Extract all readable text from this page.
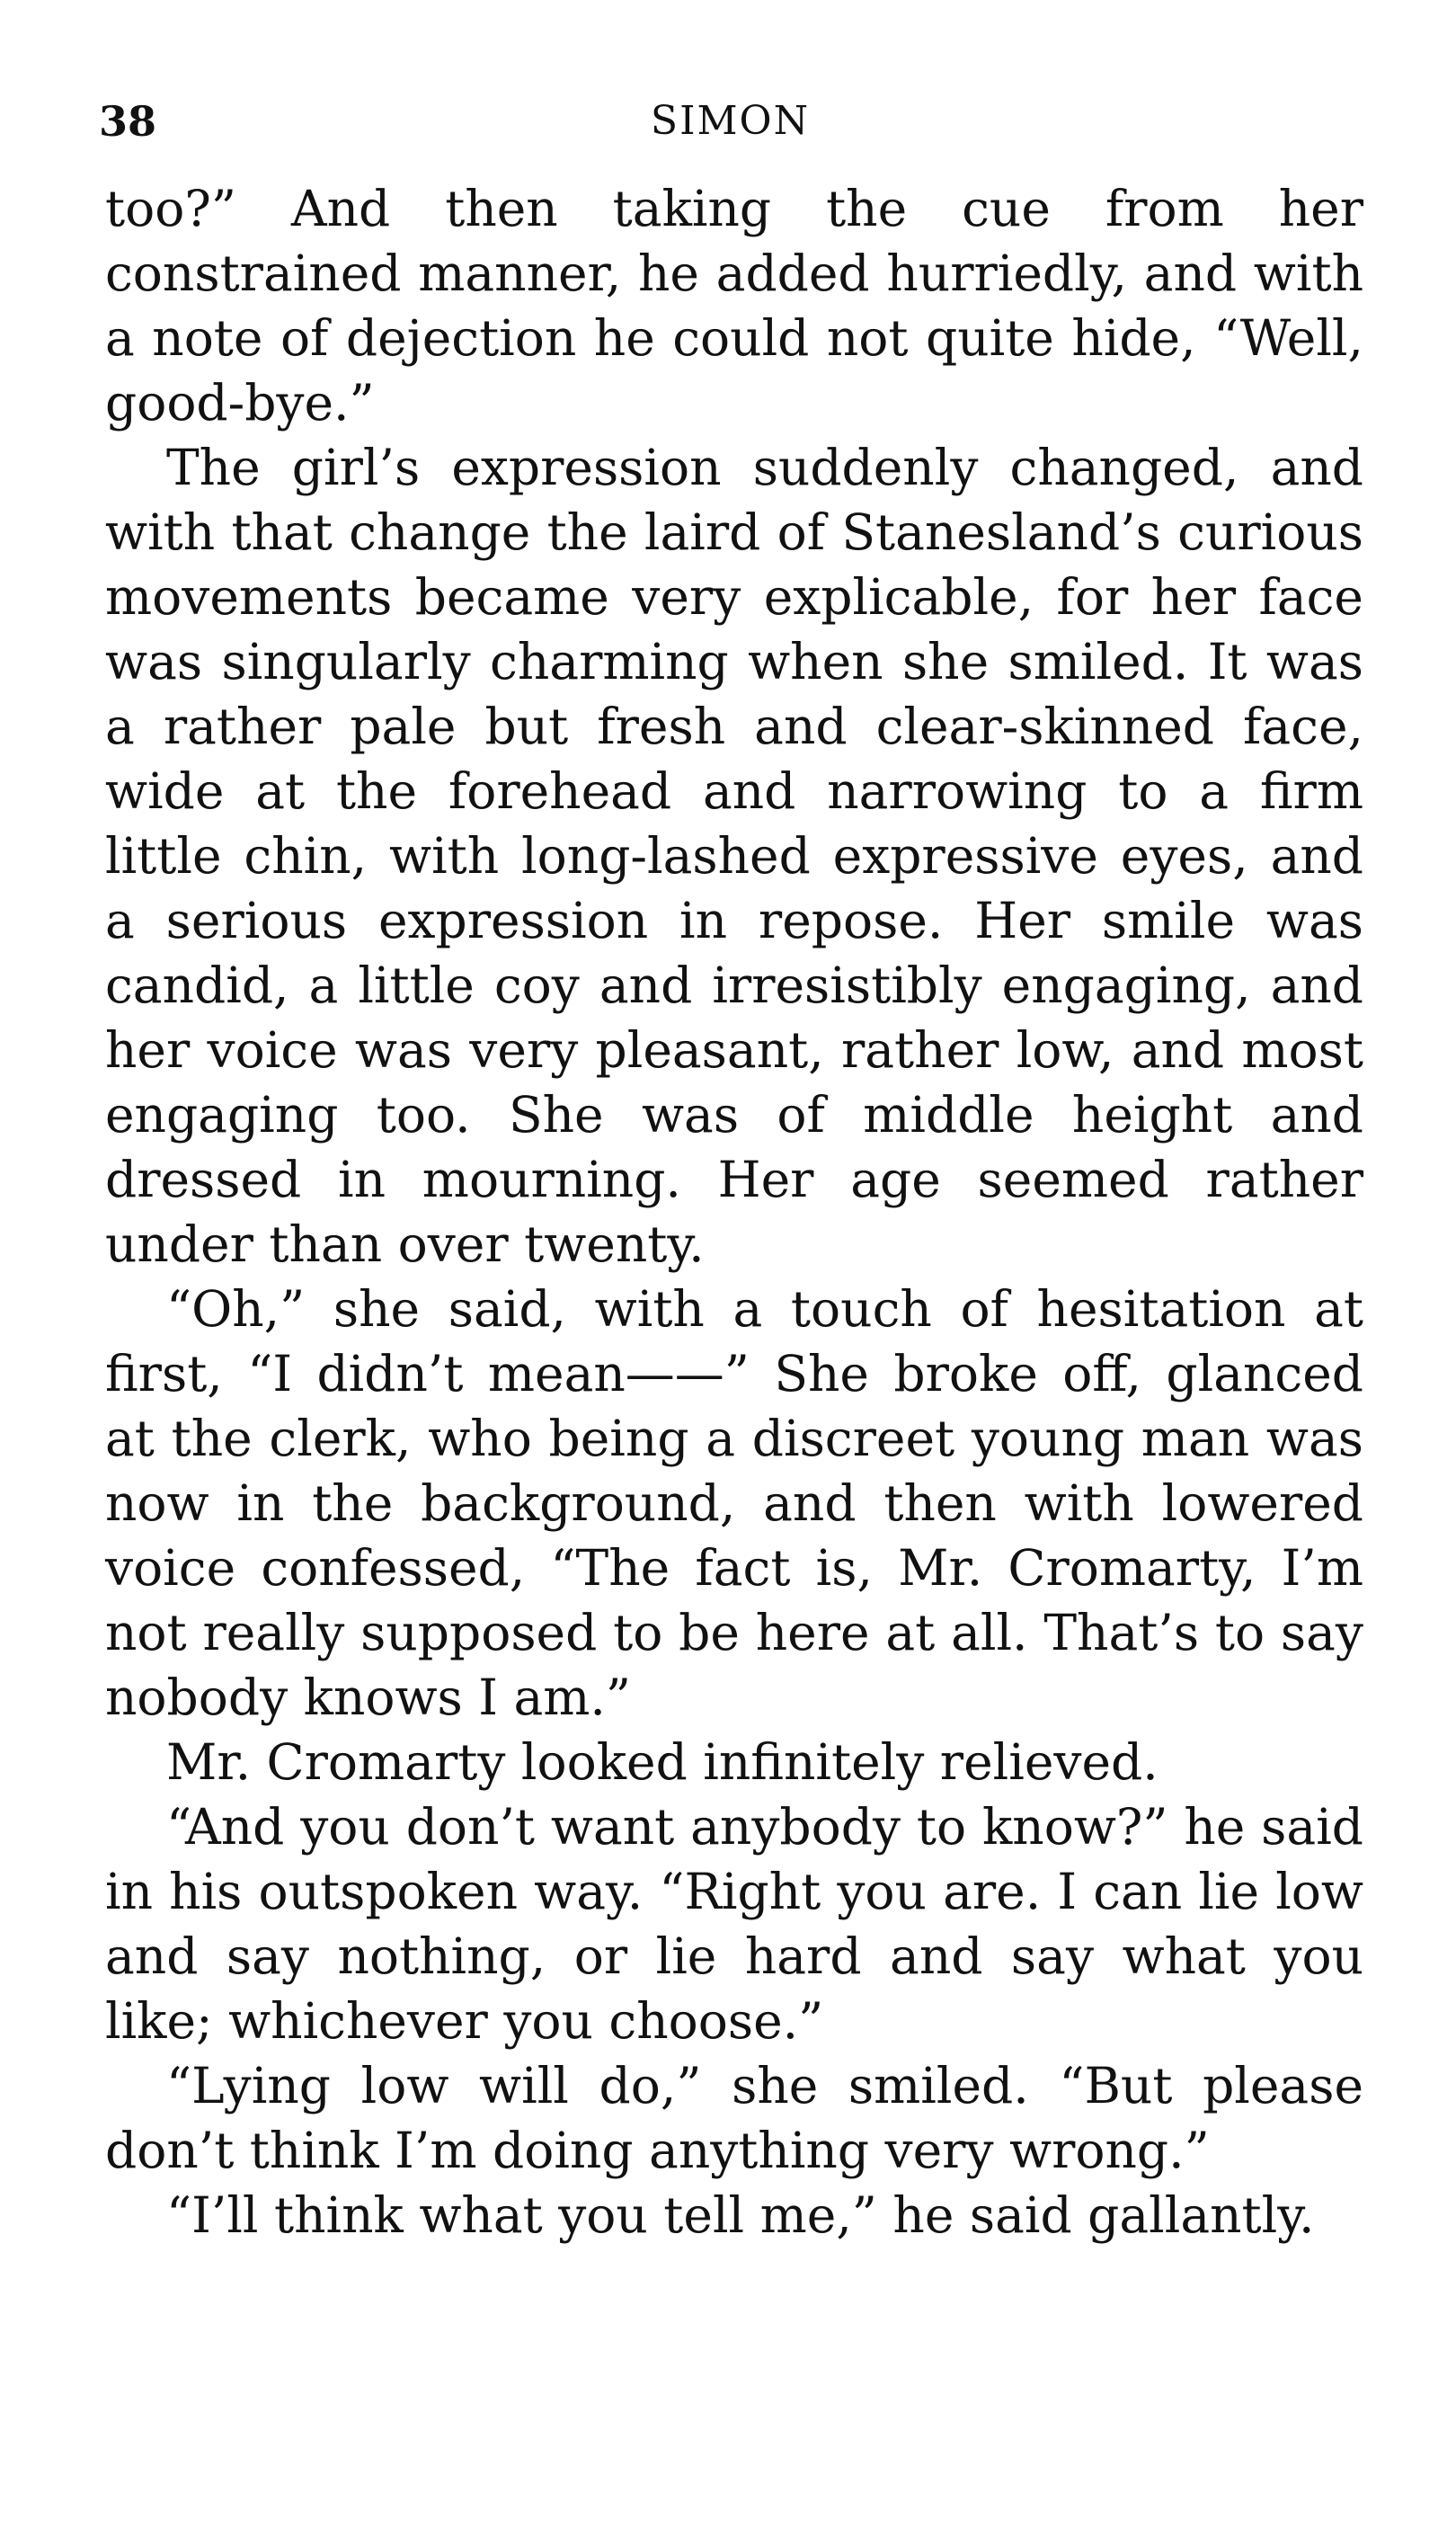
38	SIMON

too?” And then taking the cue from her constrained manner, he added hurriedly, and with a note of dejection he could not quite hide, “Well, good-bye.”

The girl’s expression suddenly changed, and with that change the laird of Stanesland’s curious movements became very explicable, for her face was singularly charming when she smiled. It was a rather pale but fresh and clear-skinned face, wide at the forehead and narrowing to a firm little chin, with long-lashed expressive eyes, and a serious expression in repose. Her smile was candid, a little coy and irresistibly engaging, and her voice was very pleasant, rather low, and most engaging too. She was of middle height and dressed in mourning. Her age seemed rather under than over twenty.

“Oh,” she said, with a touch of hesitation at first, “I didn’t mean——” She broke off, glanced at the clerk, who being a discreet young man was now in the background, and then with lowered voice confessed, “The fact is, Mr. Cromarty, I’m not really supposed to be here at all. That’s to say nobody knows I am.”

Mr. Cromarty looked infinitely relieved.

“And you don’t want anybody to know?” he said in his outspoken way. “Right you are. I can lie low and say nothing, or lie hard and say what you like; whichever you choose.”

“Lying low will do,” she smiled. “But please don’t think I’m doing anything very wrong.”

“I’ll think what you tell me,” he said gallantly.
